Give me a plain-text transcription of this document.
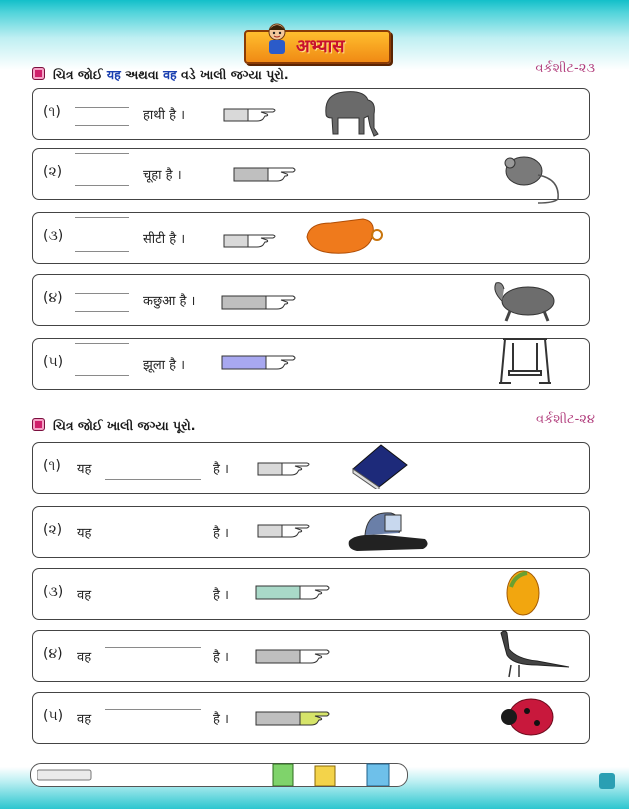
अभ्यास
ચિત્ર જોઈ यह અથવા वह વડે ખાલી જગ્યા પૂરો.	વર્કશીટ-૨૩
(૧)	हाथी है ।
(૨)	चूहा है ।
(૩)	सीटी है ।
(૪)	कछुआ है ।
(૫)	झूला है ।
ચિત્ર જોઈ ખાલી જગ્યા પૂરો.	વર્કશીટ-૨૪
(૧) यह	है ।
(૨) यह	है ।
(૩) वह	है ।
(૪) वह	है ।
(૫) वह	है ।
